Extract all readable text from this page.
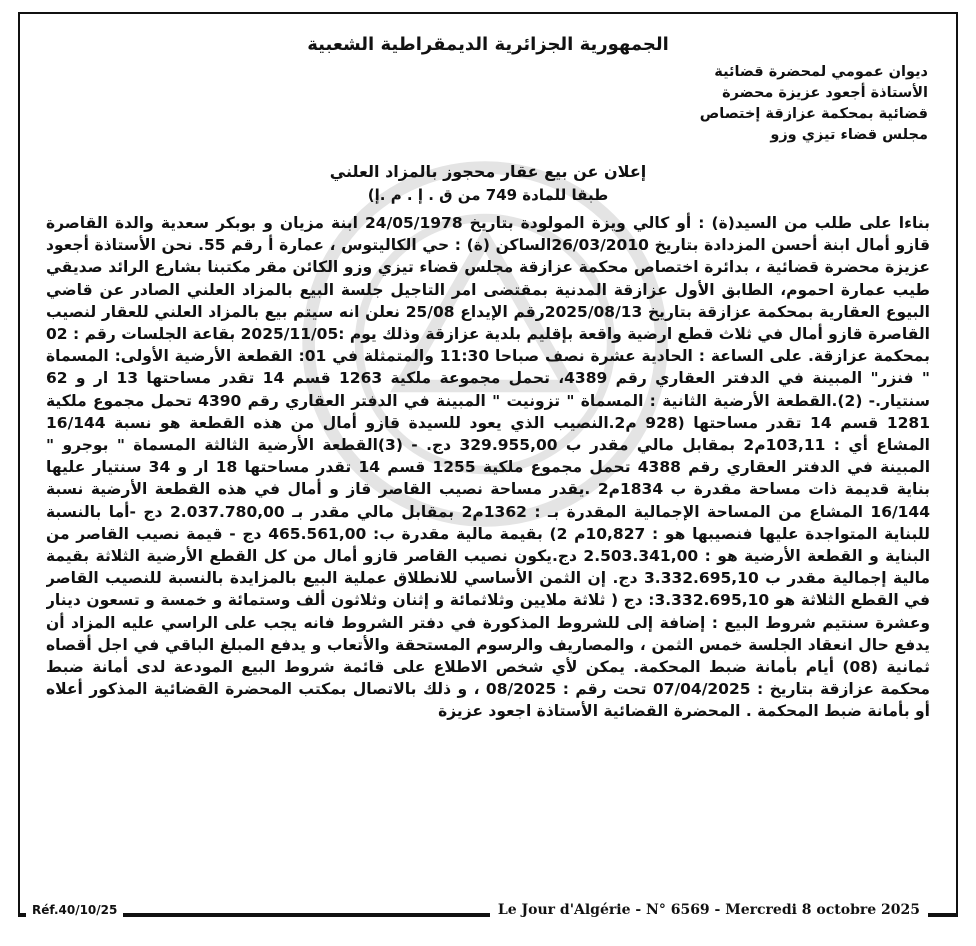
الجمهورية الجزائرية الديمقراطية الشعبية
ديوان عمومي لمحضرة قضائية
الأستاذة أجعود عزيزة محضرة
قضائية بمحكمة عزازقة إختصاص
مجلس قضاء تيزي وزو
إعلان عن بيع عقار محجوز بالمزاد العلني
طبقا للمادة 749 من ق . إ . م .إ)
بناءا على طلب من السيد(ة) : أو كالي ويزة المولودة بتاريخ 24/05/1978 ابنة مزيان و بوبكر سعدية والدة القاصرة قازو أمال ابنة أحسن المزدادة بتاريخ 26/03/2010الساكن (ة) : حي الكاليتوس ، عمارة أ رقم 55. نحن الأستاذة أجعود عزيزة محضرة قضائية ، بدائرة اختصاص محكمة عزازقة مجلس قضاء تيزي وزو الكائن مقر مكتبنا بشارع الرائد صديقي طيب عمارة احموم، الطابق الأول عزازقة المدنية بمقتضى امر التاجيل جلسة البيع بالمزاد العلني الصادر عن قاضي البيوع العقارية بمحكمة عزازقة بتاريخ 2025/08/13رقم الإيداع 25/08 نعلن انه سيتم بيع بالمزاد العلني للعقار لنصيب القاصرة قازو أمال في ثلاث قطع ارضية واقعة بإقليم بلدية عزازقة وذلك يوم :2025/11/05 بقاعة الجلسات رقم : 02 بمحكمة عزازقة. على الساعة : الحادية عشرة نصف صباحا 11:30 والمتمثلة في 01: القطعة الأرضية الأولى: المسماة " فنزر" المبينة في الدفتر العقاري رقم 4389، تحمل مجموعة ملكية 1263 قسم 14 تقدر مساحتها 13 ار و 62 سنتيار.- (2).القطعة الأرضية الثانية : المسماة " تزونيت " المبينة في الدفتر العقاري رقم 4390 تحمل مجموع ملكية 1281 قسم 14 تقدر مساحتها (928 م2.النصيب الذي يعود للسيدة قازو أمال من هذه القطعة هو نسبة 16/144 المشاع أي : 103,11م2 بمقابل مالي مقدر ب 329.955,00 دج. - (3)القطعة الأرضية الثالثة المسماة " بوجرو " المبينة في الدفتر العقاري رقم 4388 تحمل مجموع ملكية 1255 قسم 14 تقدر مساحتها 18 ار و 34 سنتيار عليها بناية قديمة ذات مساحة مقدرة ب 1834م2 .يقدر مساحة نصيب القاصر قاز و أمال في هذه القطعة الأرضية نسبة 16/144 المشاع من المساحة الإجمالية المقدرة بـ : 1362م2 بمقابل مالي مقدر بـ 2.037.780,00 دج -أما بالنسبة للبناية المتواجدة عليها فنصيبها هو : 10,827م 2) بقيمة مالية مقدرة ب: 465.561,00 دج - قيمة نصيب القاصر من البناية و القطعة الأرضية هو : 2.503.341,00 دج.يكون نصيب القاصر قازو أمال من كل القطع الأرضية الثلاثة بقيمة مالية إجمالية مقدر ب 3.332.695,10 دج. إن الثمن الأساسي للانطلاق عملية البيع بالمزايدة بالنسبة للنصيب القاصر في القطع الثلاثة هو 3.332.695,10: دج ( ثلاثة ملايين وثلاثمائة و إثنان وثلاثون ألف وستمائة و خمسة و تسعون دينار وعشرة سنتيم شروط البيع : إضافة إلى للشروط المذكورة في دفتر الشروط فانه يجب على الراسي عليه المزاد أن يدفع حال انعقاد الجلسة خمس الثمن ، والمصاريف والرسوم المستحقة والأتعاب و يدفع المبلغ الباقي في اجل أقصاه ثمانية (08) أيام بأمانة ضبط المحكمة. يمكن لأي شخص الاطلاع على قائمة شروط البيع المودعة لدى أمانة ضبط محكمة عزازقة بتاريخ : 07/04/2025 تحت رقم : 08/2025 ، و ذلك بالاتصال بمكتب المحضرة القضائية المذكور أعلاه أو بأمانة ضبط المحكمة . المحضرة القضائية الأستاذة اجعود عزيزة
Réf.40/10/25	Le Jour d'Algérie - N° 6569 - Mercredi 8 octobre 2025
